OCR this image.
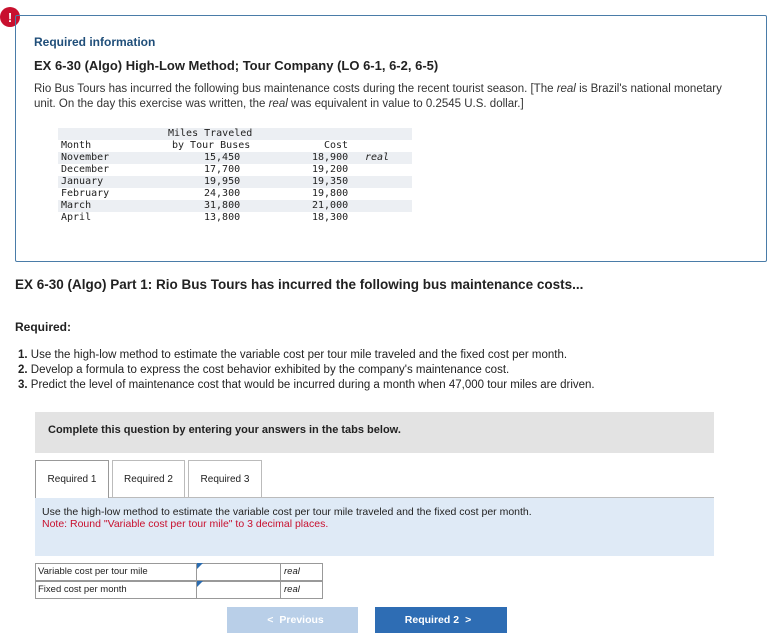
!
Required information
EX 6-30 (Algo) High-Low Method; Tour Company (LO 6-1, 6-2, 6-5)
Rio Bus Tours has incurred the following bus maintenance costs during the recent tourist season. [The real is Brazil's national monetary unit. On the day this exercise was written, the real was equivalent in value to 0.2545 U.S. dollar.]
Miles Traveled
Month	by Tour Buses	Cost
November	15,450	18,900 real
December	17,700	19,200
January	19,950	19,350
February	24,300	19,800
March	31,800	21,000
April	13,800	18,300
EX 6-30 (Algo) Part 1: Rio Bus Tours has incurred the following bus maintenance costs...
Required:
1. Use the high-low method to estimate the variable cost per tour mile traveled and the fixed cost per month.
2. Develop a formula to express the cost behavior exhibited by the company's maintenance cost.
3. Predict the level of maintenance cost that would be incurred during a month when 47,000 tour miles are driven.
Complete this question by entering your answers in the tabs below.
Required 1	Required 2	Required 3
Use the high-low method to estimate the variable cost per tour mile traveled and the fixed cost per month.
Note: Round "Variable cost per tour mile" to 3 decimal places.
Variable cost per tour mile	real
Fixed cost per month	real
< Previous	Required 2 >
